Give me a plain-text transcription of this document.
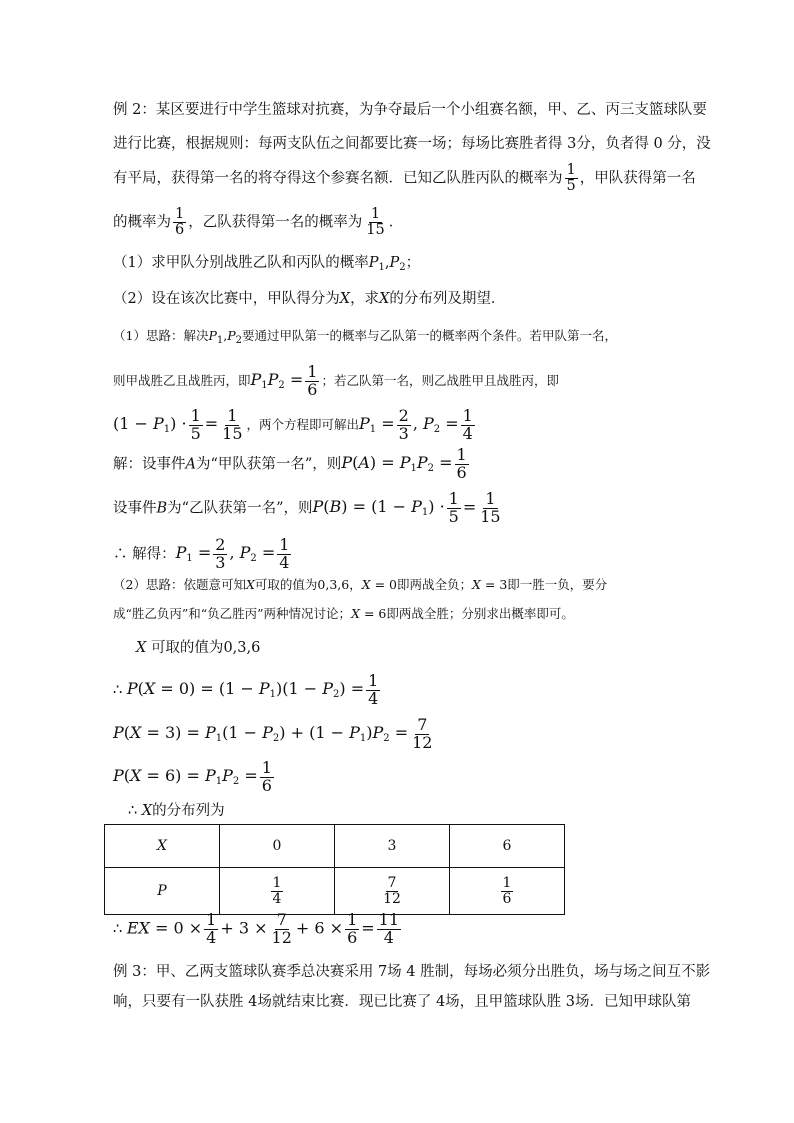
例 2：某区要进行中学生篮球对抗赛，为争夺最后一个小组赛名额，甲、乙、丙三支篮球队要
进行比赛，根据规则：每两支队伍之间都要比赛一场；每场比赛胜者得 3分，负者得 0 分，没
有平局，获得第一名的将夺得这个参赛名额．已知乙队胜丙队的概率为 $\frac{1}{5}$ ，甲队获得第一名
的概率为 $\frac{1}{6}$ ，乙队获得第一名的概率为 $\frac{1}{15}$ ．
（1）求甲队分别战胜乙队和丙队的概率$P_1,P_2$；
（2）设在该次比赛中，甲队得分为X，求X的分布列及期望．
（1）思路：解决$P_1,P_2$要通过甲队第一的概率与乙队第一的概率两个条件。若甲队第一名，
则甲战胜乙且战胜丙，即$P_1P_2 = \frac{1}{6}$ ；若乙队第一名，则乙战胜甲且战胜丙，即
$(1 - P_1) \cdot \frac{1}{5} = \frac{1}{15}$ ，两个方程即可解出$P_1 = \frac{2}{3}$ , $P_2 = \frac{1}{4}$
解：设事件A为“甲队获第一名”，则$P(A) = P_1P_2 = \frac{1}{6}$
设事件B为“乙队获第一名”，则$P(B) = (1 - P_1) \cdot \frac{1}{5} = \frac{1}{15}$
∴ 解得：$P_1 = \frac{2}{3}$ , $P_2 = \frac{1}{4}$
（2）思路：依题意可知X可取的值为0,3,6，X = 0即两战全负；X = 3即一胜一负，要分
成“胜乙负丙”和“负乙胜丙”两种情况讨论；X = 6即两战全胜；分别求出概率即可。
X 可取的值为0,3,6
∴ $P(X = 0) = (1 - P_1)(1 - P_2) = \frac{1}{4}$
$P(X = 3) = P_1(1 - P_2) + (1 - P_1)P_2 = \frac{7}{12}$
$P(X = 6) = P_1P_2 = \frac{1}{6}$
∴ X的分布列为
X	0	3	6
P	$\frac{1}{4}$	$\frac{7}{12}$	$\frac{1}{6}$
∴ EX = $0 \times \frac{1}{4} + 3 \times \frac{7}{12} + 6 \times \frac{1}{6} = \frac{11}{4}$
例 3：甲、乙两支篮球队赛季总决赛采用 7场 4 胜制，每场必须分出胜负，场与场之间互不影
响，只要有一队获胜 4场就结束比赛．现已比赛了 4场，且甲篮球队胜 3场．已知甲球队第
